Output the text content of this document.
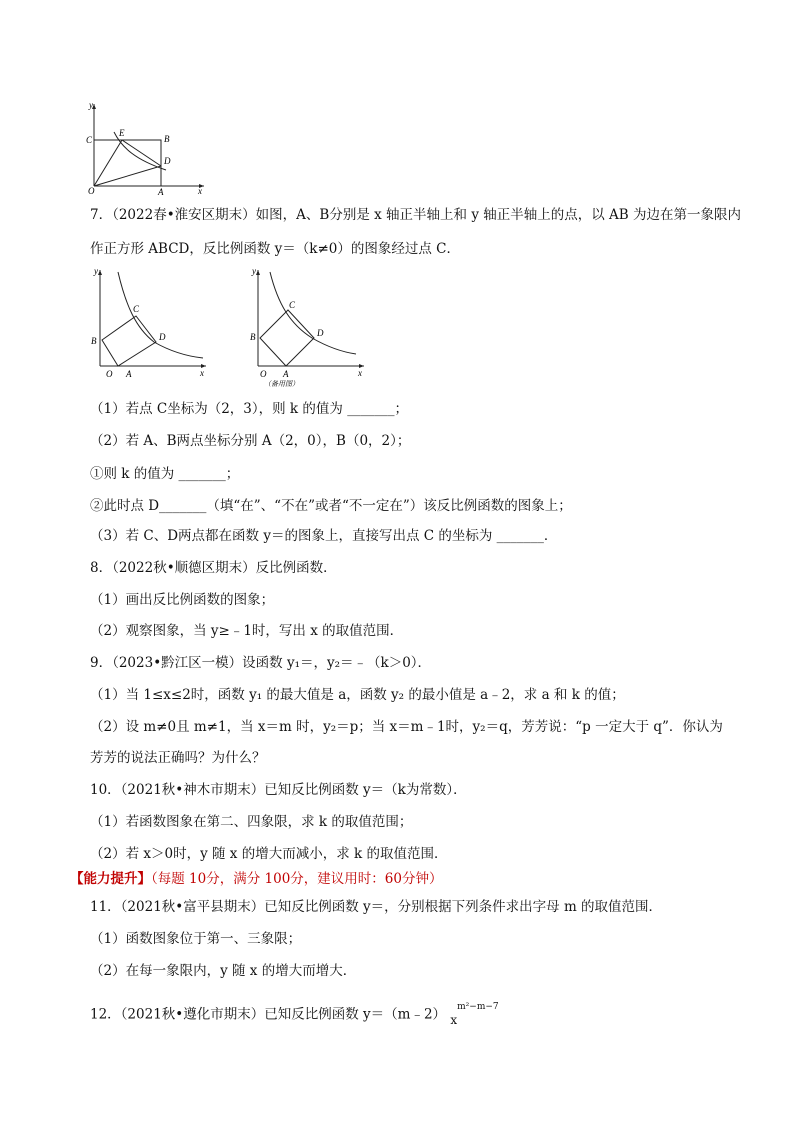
y
C
E
B
D
O	A	x
7．（2022春•淮安区期末）如图，A、B分别是 x 轴正半轴上和 y 轴正半轴上的点，以 AB 为边在第一象限内
作正方形 ABCD，反比例函数 y＝（k≠0）的图象经过点 C．
y
C
D
B
O A	x
y
C
D
B
O A	x
（备用图）
（1）若点 C坐标为（2，3），则 k 的值为 _______；
（2）若 A、B两点坐标分别 A（2，0），B（0，2）；
①则 k 的值为 _______；
②此时点 D_______（填“在”、“不在”或者“不一定在”）该反比例函数的图象上；
（3）若 C、D两点都在函数 y＝的图象上，直接写出点 C 的坐标为 _______．
8．（2022秋•顺德区期末）反比例函数．
（1）画出反比例函数的图象；
（2）观察图象，当 y≥﹣1时，写出 x 的取值范围．
9．（2023•黔江区一模）设函数 y₁＝，y₂＝﹣（k＞0）．
（1）当 1≤x≤2时，函数 y₁ 的最大值是 a，函数 y₂ 的最小值是 a﹣2，求 a 和 k 的值；
（2）设 m≠0且 m≠1，当 x＝m 时，y₂＝p；当 x＝m﹣1时，y₂＝q，芳芳说：“p 一定大于 q”．你认为
芳芳的说法正确吗？为什么？
10．（2021秋•神木市期末）已知反比例函数 y＝（k为常数）．
（1）若函数图象在第二、四象限，求 k 的取值范围；
（2）若 x＞0时，y 随 x 的增大而减小，求 k 的取值范围．
【能力提升】（每题 10分，满分 100分，建议用时：60分钟）
11．（2021秋•富平县期末）已知反比例函数 y＝，分别根据下列条件求出字母 m 的取值范围．
（1）函数图象位于第一、三象限；
（2）在每一象限内，y 随 x 的增大而增大．
12．（2021秋•遵化市期末）已知反比例函数 y＝（m﹣2） $x^{m^2-m-7}$
